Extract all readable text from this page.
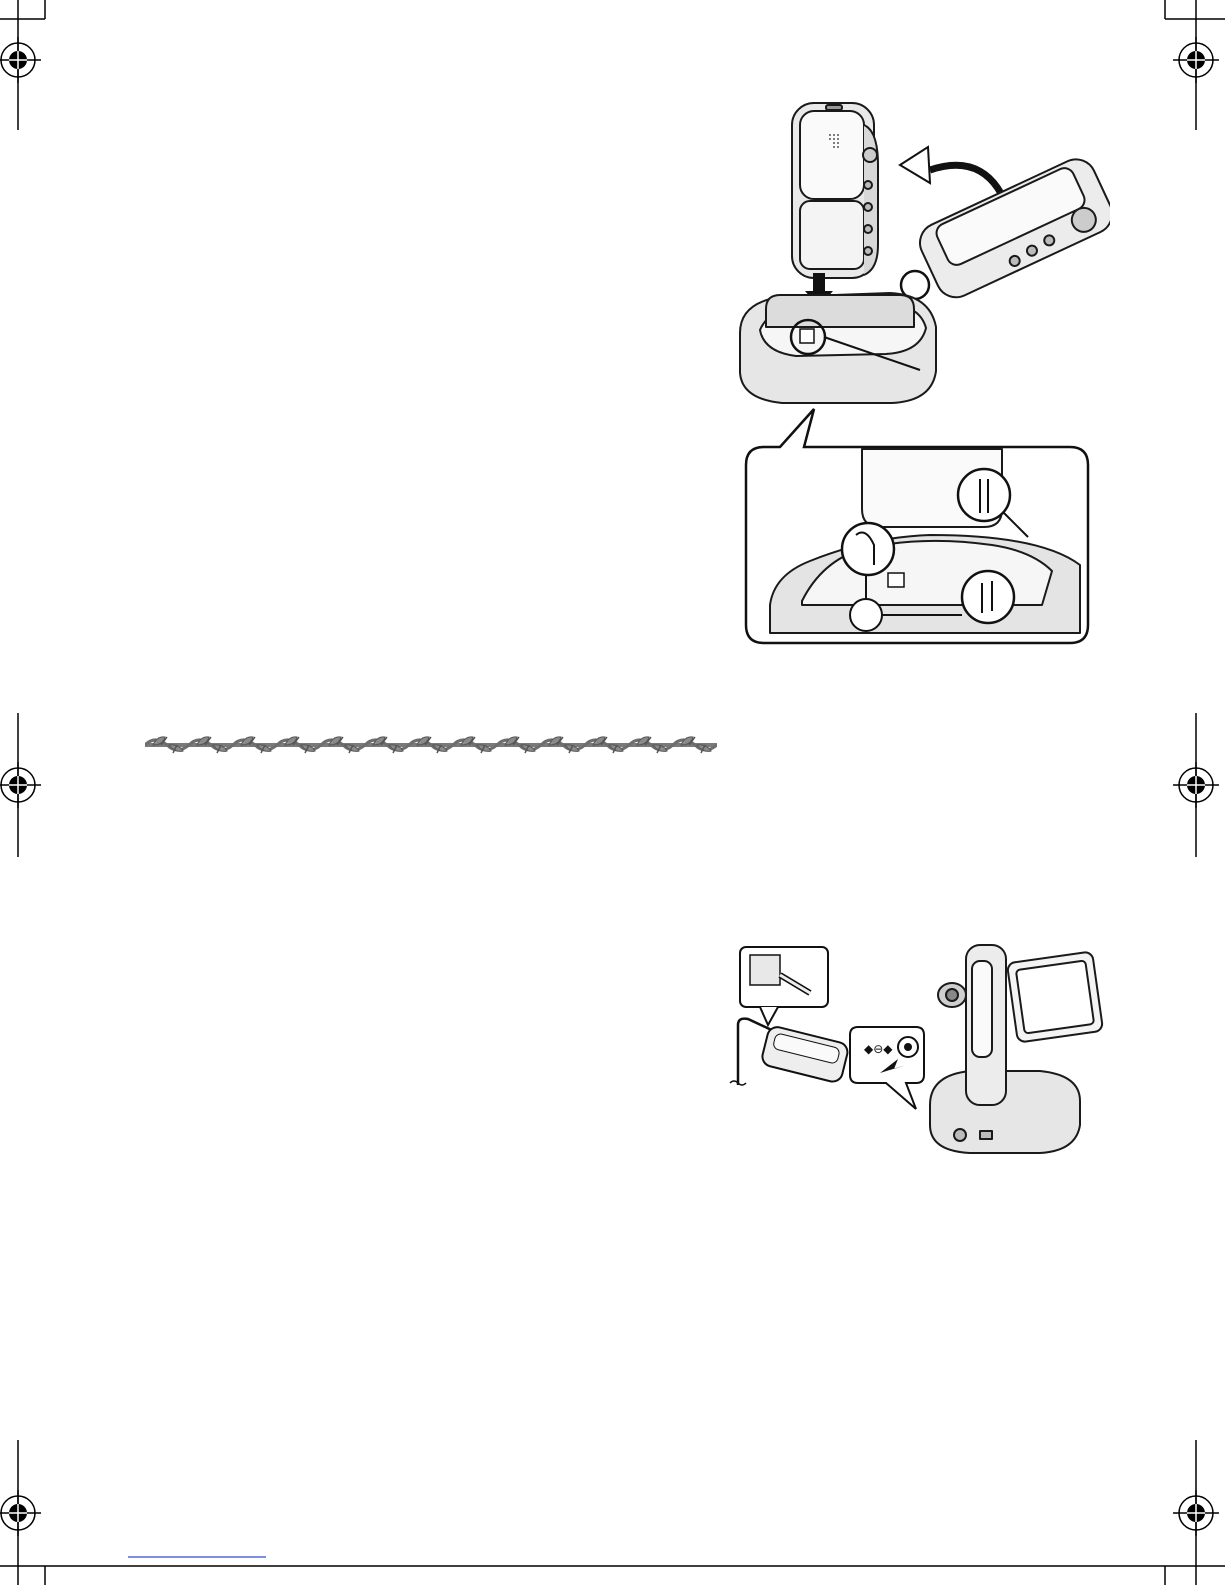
◆⊖◆
